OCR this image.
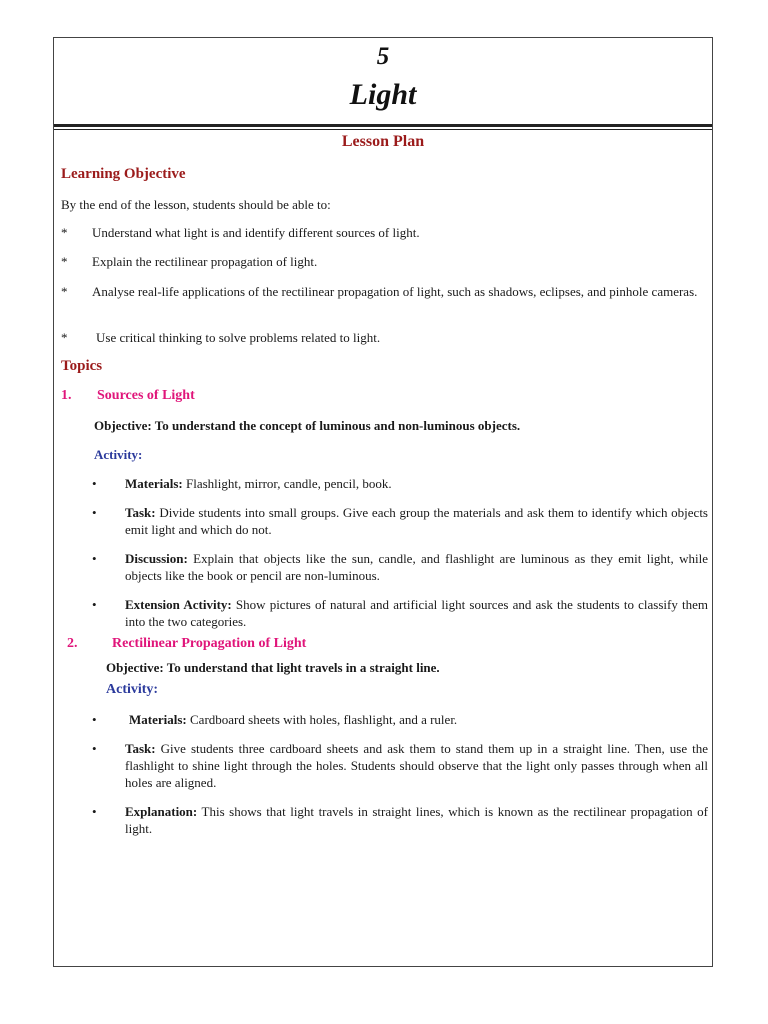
5
Light
Lesson Plan
Learning Objective
By the end of the lesson, students should be able to:
* Understand what light is and identify different sources of light.
* Explain the rectilinear propagation of light.
* Analyse real-life applications of the rectilinear propagation of light, such as shadows, eclipses, and pinhole cameras.
* Use critical thinking to solve problems related to light.
Topics
1. Sources of Light
Objective: To understand the concept of luminous and non-luminous objects.
Activity:
• Materials: Flashlight, mirror, candle, pencil, book.
• Task: Divide students into small groups. Give each group the materials and ask them to identify which objects emit light and which do not.
• Discussion: Explain that objects like the sun, candle, and flashlight are luminous as they emit light, while objects like the book or pencil are non-luminous.
• Extension Activity: Show pictures of natural and artificial light sources and ask the students to classify them into the two categories.
2. Rectilinear Propagation of Light
Objective: To understand that light travels in a straight line.
Activity:
• Materials: Cardboard sheets with holes, flashlight, and a ruler.
• Task: Give students three cardboard sheets and ask them to stand them up in a straight line. Then, use the flashlight to shine light through the holes. Students should observe that the light only passes through when all holes are aligned.
• Explanation: This shows that light travels in straight lines, which is known as the rectilinear propagation of light.
